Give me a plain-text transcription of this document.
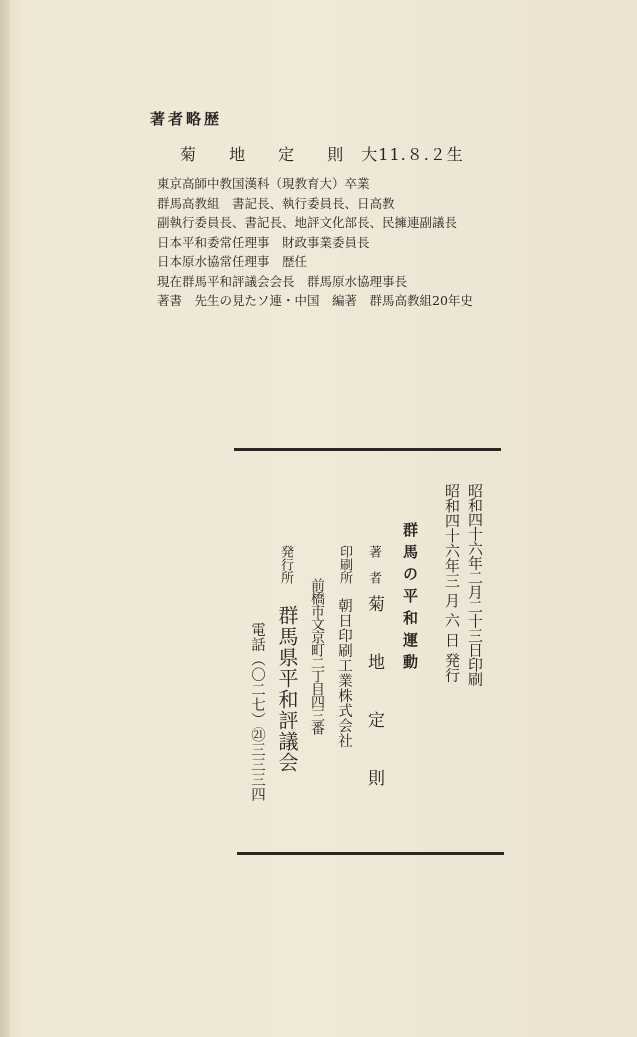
著者略歴
菊 地 定 則 大11.８.２生
東京高師中教国漢科（現教育大）卒業
群馬高教組　書記長、執行委員長、日高教
副執行委員長、書記長、地評文化部長、民擁連副議長
日本平和委常任理事　財政事業委員長
日本原水協常任理事　歴任
現在群馬平和評議会会長　群馬原水協理事長
著書　先生の見たソ連・中国　編著　群馬高教組20年史
昭和四十六年二月二十三日印刷
昭和四十六年三 月 六 日 発行
群馬の平和運動
著　者
菊　地　定　則
印刷所
朝日印刷工業株式会社
前橋市文京町二丁目四三番
発行所
群馬県平和評議会
電話（〇二七）㉑三三三四
